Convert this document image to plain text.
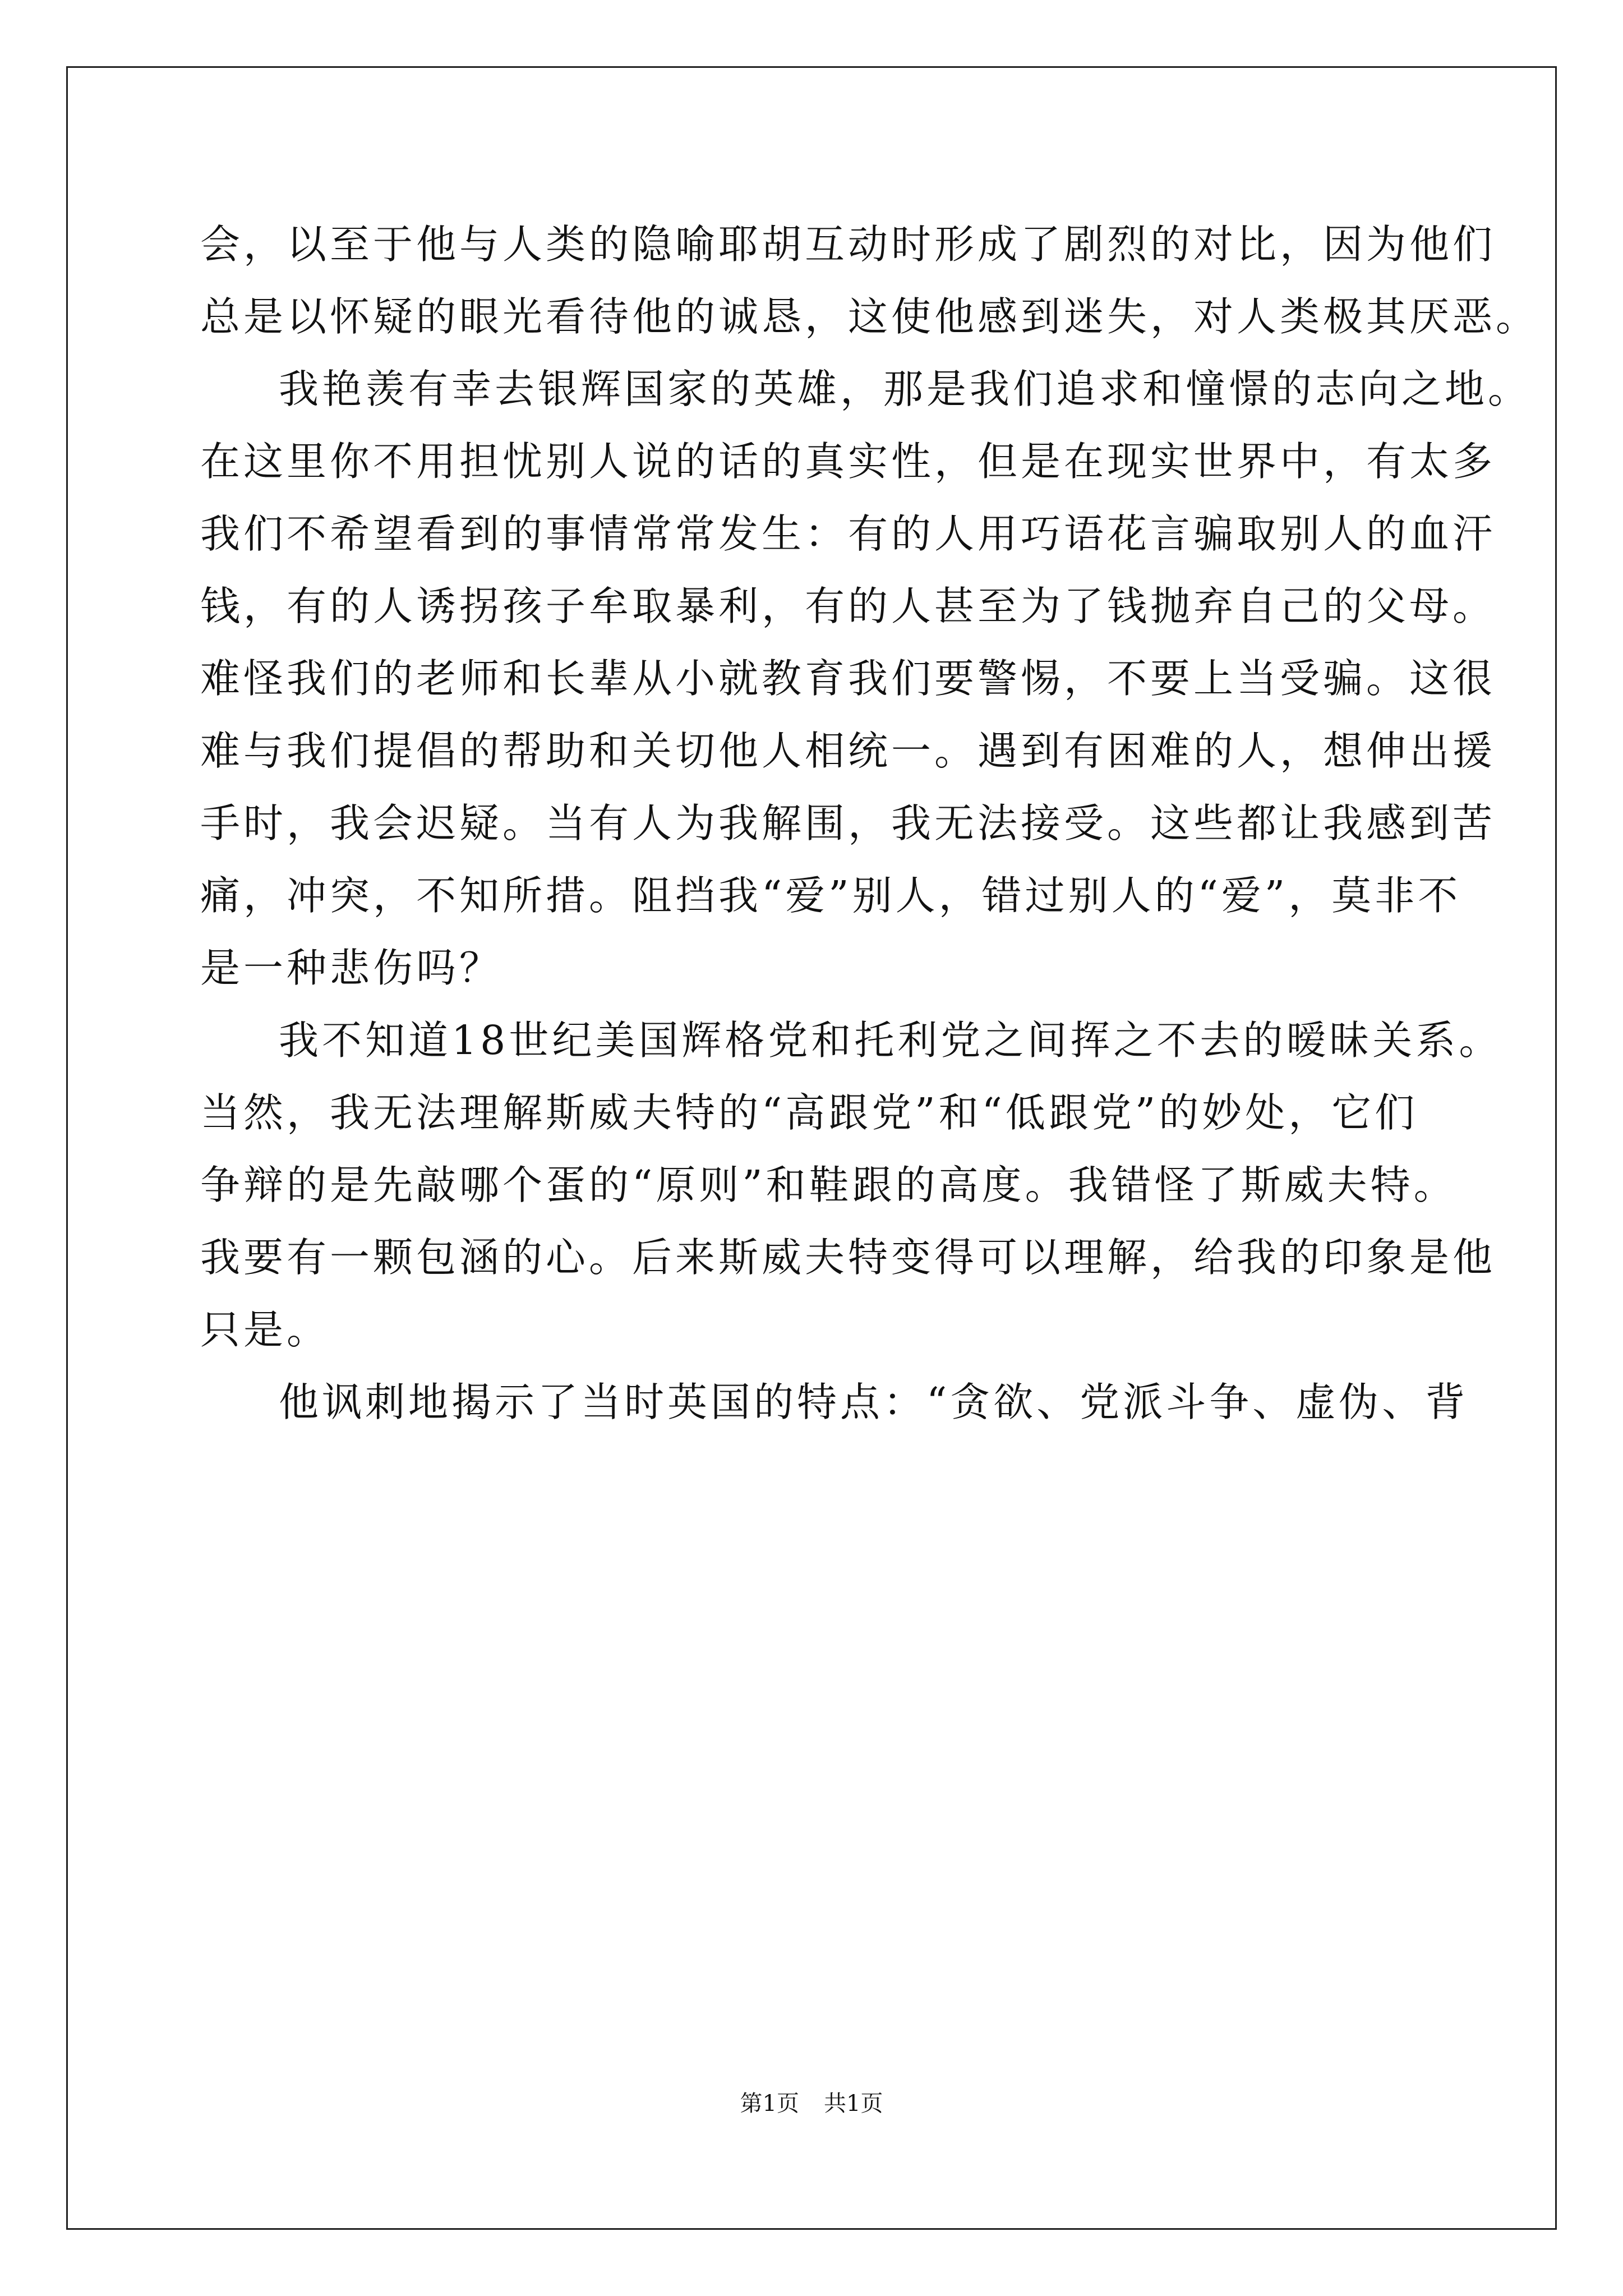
会，以至于他与人类的隐喻耶胡互动时形成了剧烈的对比，因为他们
总是以怀疑的眼光看待他的诚恳，这使他感到迷失，对人类极其厌恶。
我艳羡有幸去银辉国家的英雄，那是我们追求和憧憬的志向之地。
在这里你不用担忧别人说的话的真实性，但是在现实世界中，有太多
我们不希望看到的事情常常发生：有的人用巧语花言骗取别人的血汗
钱，有的人诱拐孩子牟取暴利，有的人甚至为了钱抛弃自己的父母。
难怪我们的老师和长辈从小就教育我们要警惕，不要上当受骗。这很
难与我们提倡的帮助和关切他人相统一。遇到有困难的人，想伸出援
手时，我会迟疑。当有人为我解围，我无法接受。这些都让我感到苦
痛，冲突，不知所措。阻挡我“爱”别人，错过别人的“爱”，莫非不
是一种悲伤吗？
我不知道18世纪美国辉格党和托利党之间挥之不去的暧昧关系。
当然，我无法理解斯威夫特的“高跟党”和“低跟党”的妙处，它们
争辩的是先敲哪个蛋的“原则”和鞋跟的高度。我错怪了斯威夫特。
我要有一颗包涵的心。后来斯威夫特变得可以理解，给我的印象是他
只是。
他讽刺地揭示了当时英国的特点：“贪欲、党派斗争、虚伪、背
第1页 共1页
